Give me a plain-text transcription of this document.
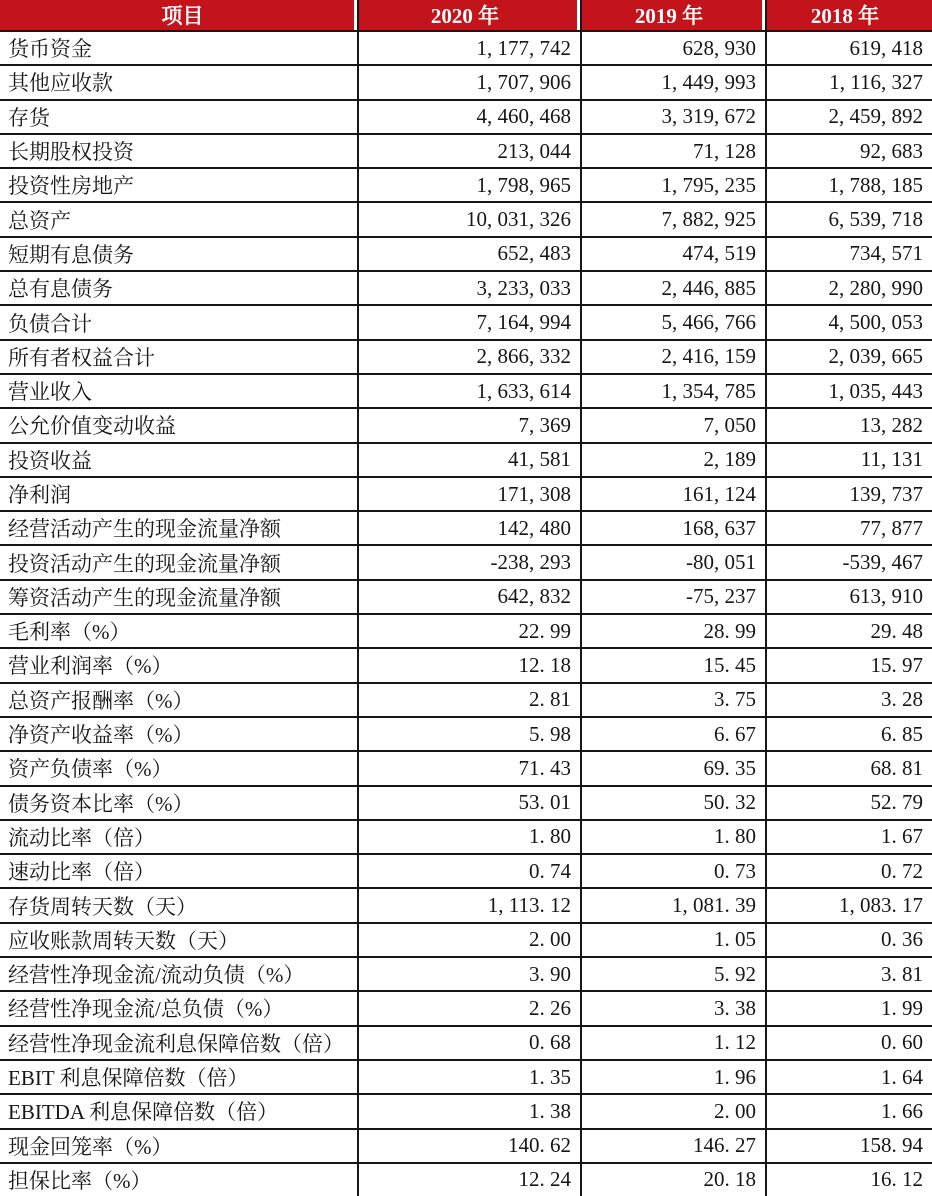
项目	2020 年	2019 年	2018 年
货币资金	1, 177, 742	628, 930	619, 418
其他应收款	1, 707, 906	1, 449, 993	1, 116, 327
存货	4, 460, 468	3, 319, 672	2, 459, 892
长期股权投资	213, 044	71, 128	92, 683
投资性房地产	1, 798, 965	1, 795, 235	1, 788, 185
总资产	10, 031, 326	7, 882, 925	6, 539, 718
短期有息债务	652, 483	474, 519	734, 571
总有息债务	3, 233, 033	2, 446, 885	2, 280, 990
负债合计	7, 164, 994	5, 466, 766	4, 500, 053
所有者权益合计	2, 866, 332	2, 416, 159	2, 039, 665
营业收入	1, 633, 614	1, 354, 785	1, 035, 443
公允价值变动收益	7, 369	7, 050	13, 282
投资收益	41, 581	2, 189	11, 131
净利润	171, 308	161, 124	139, 737
经营活动产生的现金流量净额	142, 480	168, 637	77, 877
投资活动产生的现金流量净额	-238, 293	-80, 051	-539, 467
筹资活动产生的现金流量净额	642, 832	-75, 237	613, 910
毛利率（%）	22. 99	28. 99	29. 48
营业利润率（%）	12. 18	15. 45	15. 97
总资产报酬率（%）	2. 81	3. 75	3. 28
净资产收益率（%）	5. 98	6. 67	6. 85
资产负债率（%）	71. 43	69. 35	68. 81
债务资本比率（%）	53. 01	50. 32	52. 79
流动比率（倍）	1. 80	1. 80	1. 67
速动比率（倍）	0. 74	0. 73	0. 72
存货周转天数（天）	1, 113. 12	1, 081. 39	1, 083. 17
应收账款周转天数（天）	2. 00	1. 05	0. 36
经营性净现金流/流动负债（%）	3. 90	5. 92	3. 81
经营性净现金流/总负债（%）	2. 26	3. 38	1. 99
经营性净现金流利息保障倍数（倍）	0. 68	1. 12	0. 60
EBIT 利息保障倍数（倍）	1. 35	1. 96	1. 64
EBITDA 利息保障倍数（倍）	1. 38	2. 00	1. 66
现金回笼率（%）	140. 62	146. 27	158. 94
担保比率（%）	12. 24	20. 18	16. 12
